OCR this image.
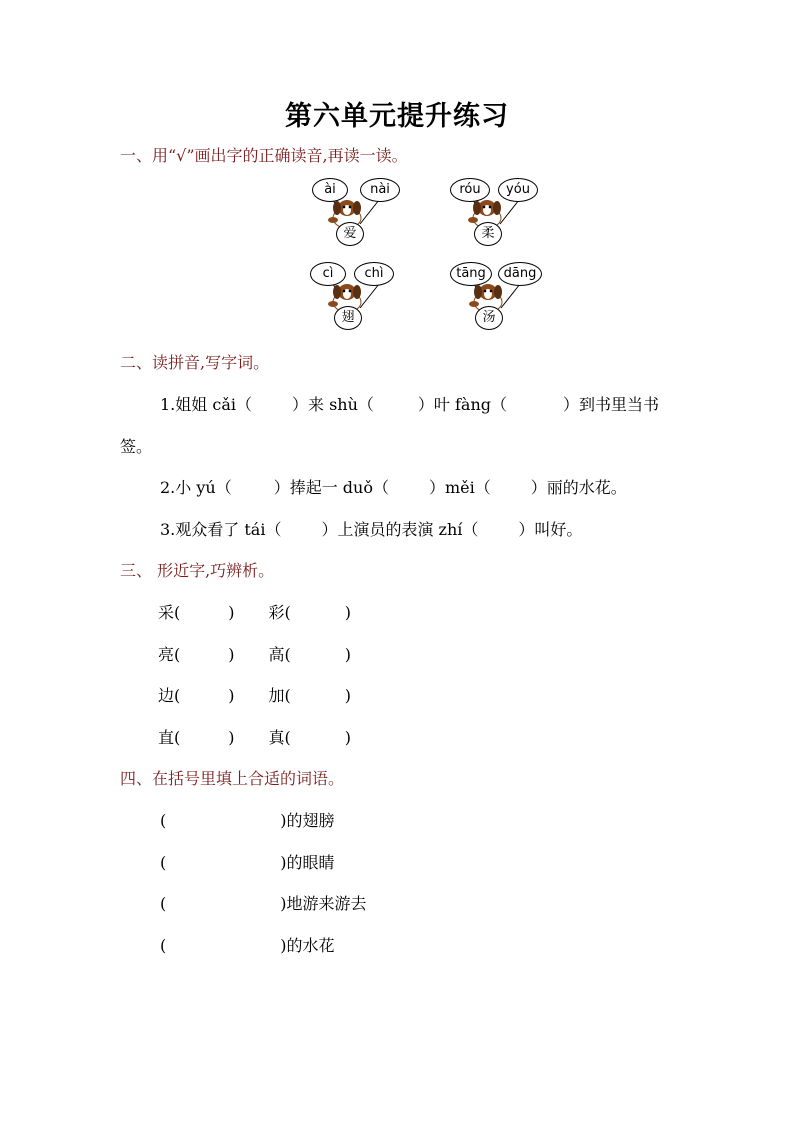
第六单元提升练习
一、用“√”画出字的正确读音,再读一读。
ài	nài
爱
róu	yóu
柔
cì	chì
翅
tāng	dāng
汤
二、读拼音,写字词。
1.姐姐 cǎi（	）来 shù（	）叶 fàng（	）到书里当书
签。
2.小 yú（	）捧起一 duǒ（	）měi（	）丽的水花。
3.观众看了 tái（	）上演员的表演 zhí（	）叫好。
三、 形近字,巧辨析。
采(	) 彩(	)
亮(	) 高(	)
边(	) 加(	)
直(	) 真(	)
四、在括号里填上合适的词语。
(	)的翅膀
(	)的眼睛
(	)地游来游去
(	)的水花
